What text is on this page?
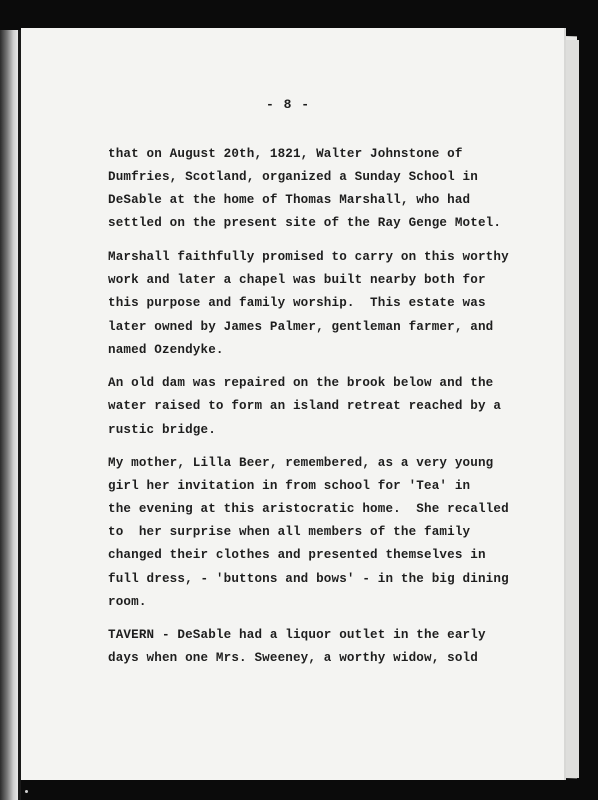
- 8 -
that on August 20th, 1821, Walter Johnstone of
Dumfries, Scotland, organized a Sunday School in
DeSable at the home of Thomas Marshall, who had
settled on the present site of the Ray Genge Motel.
Marshall faithfully promised to carry on this worthy
work and later a chapel was built nearby both for
this purpose and family worship.  This estate was
later owned by James Palmer, gentleman farmer, and
named Ozendyke.
An old dam was repaired on the brook below and the
water raised to form an island retreat reached by a
rustic bridge.
My mother, Lilla Beer, remembered, as a very young
girl her invitation in from school for 'Tea' in
the evening at this aristocratic home.  She recalled
to  her surprise when all members of the family
changed their clothes and presented themselves in
full dress, - 'buttons and bows' - in the big dining
room.
TAVERN - DeSable had a liquor outlet in the early
days when one Mrs. Sweeney, a worthy widow, sold
